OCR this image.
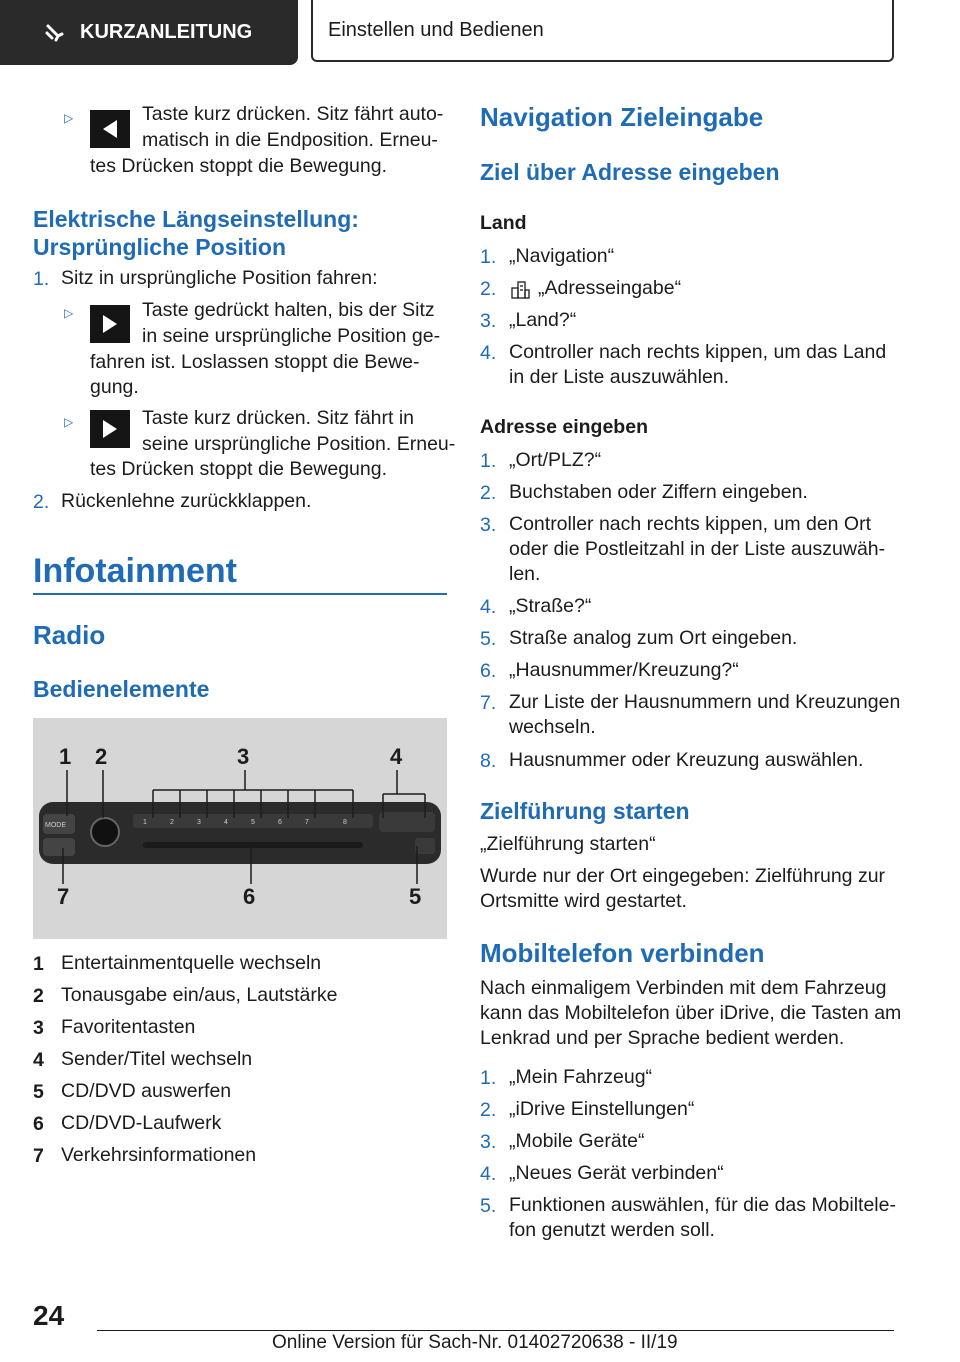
KURZANLEITUNG	Einstellen und Bedienen
▷	Taste kurz drücken. Sitz fährt auto‐
matisch in die Endposition. Erneu‐
tes Drücken stoppt die Bewegung.
Elektrische Längseinstellung:
Ursprüngliche Position
1. Sitz in ursprüngliche Position fahren:
▷	Taste gedrückt halten, bis der Sitz
in seine ursprüngliche Position ge‐
fahren ist. Loslassen stoppt die Bewe‐
gung.
▷	Taste kurz drücken. Sitz fährt in
seine ursprüngliche Position. Erneu‐
tes Drücken stoppt die Bewegung.
2. Rückenlehne zurückklappen.
Infotainment
Radio
Bedienelemente
1 2	3	4
5
6
7
MODE	1	2	3	4	5	6	7	8
1 Entertainmentquelle wechseln
2 Tonausgabe ein/aus, Lautstärke
3 Favoritentasten
4 Sender/Titel wechseln
5 CD/DVD auswerfen
6 CD/DVD-Laufwerk
7 Verkehrsinformationen
Navigation Zieleingabe
Ziel über Adresse eingeben
Land
1. „Navigation“
2. „Adresseingabe“
3. „Land?“
4. Controller nach rechts kippen, um das Land
in der Liste auszuwählen.
Adresse eingeben
1. „Ort/PLZ?“
2. Buchstaben oder Ziffern eingeben.
3. Controller nach rechts kippen, um den Ort
oder die Postleitzahl in der Liste auszuwäh‐
len.
4. „Straße?“
5. Straße analog zum Ort eingeben.
6. „Hausnummer/Kreuzung?“
7. Zur Liste der Hausnummern und Kreuzungen
wechseln.
8. Hausnummer oder Kreuzung auswählen.
Zielführung starten
„Zielführung starten“
Wurde nur der Ort eingegeben: Zielführung zur
Ortsmitte wird gestartet.
Mobiltelefon verbinden
Nach einmaligem Verbinden mit dem Fahrzeug
kann das Mobiltelefon über iDrive, die Tasten am
Lenkrad und per Sprache bedient werden.
1. „Mein Fahrzeug“
2. „iDrive Einstellungen“
3. „Mobile Geräte“
4. „Neues Gerät verbinden“
5. Funktionen auswählen, für die das Mobiltele‐
fon genutzt werden soll.
24
Online Version für Sach-Nr. 01402720638 - II/19
